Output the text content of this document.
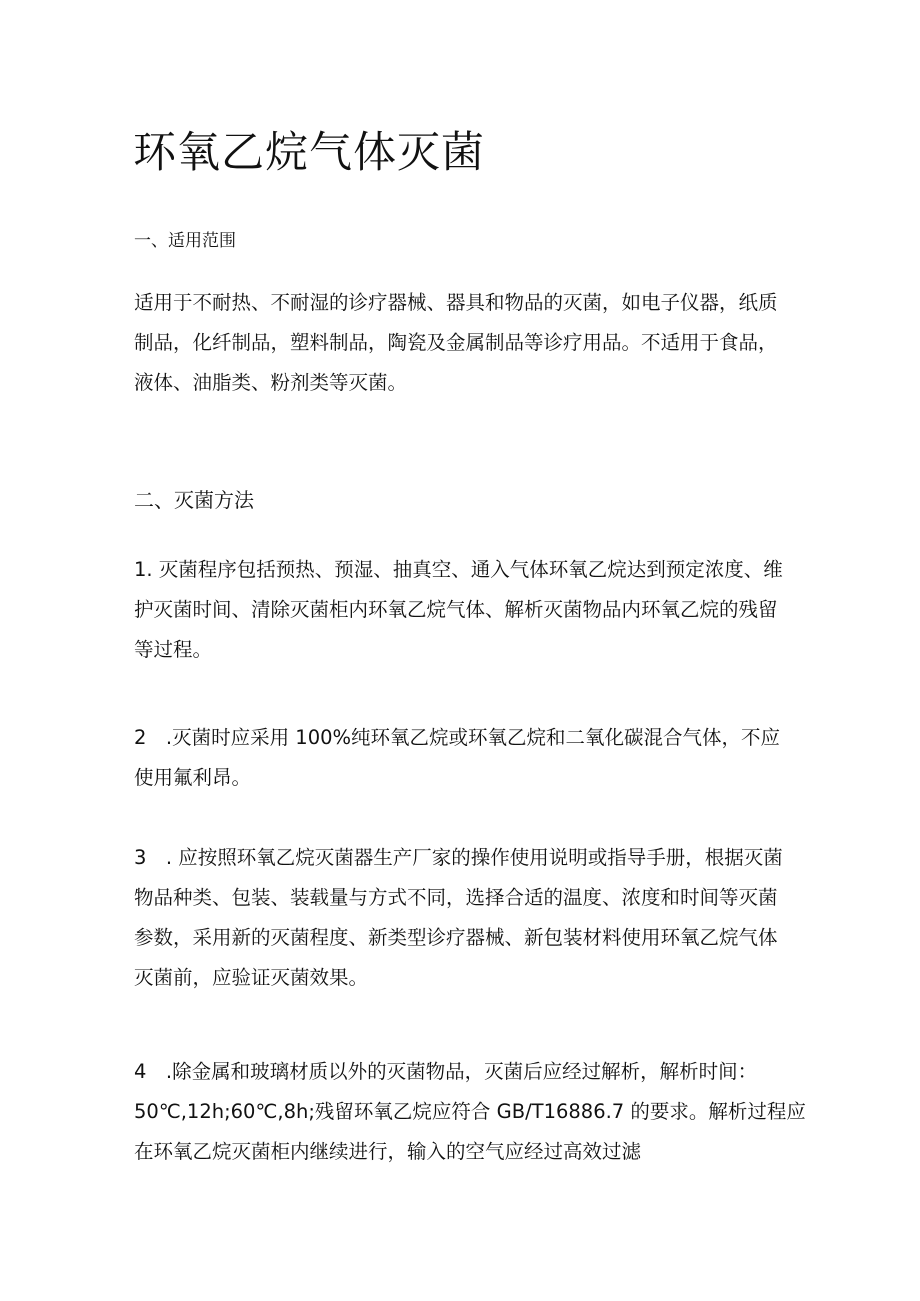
环氧乙烷气体灭菌
一、适用范围

适用于不耐热、不耐湿的诊疗器械、器具和物品的灭菌，如电子仪器，纸质
制品，化纤制品，塑料制品，陶瓷及金属制品等诊疗用品。不适用于食品，
液体、油脂类、粉剂类等灭菌。

二、灭菌方法

1. 灭菌程序包括预热、预湿、抽真空、通入气体环氧乙烷达到预定浓度、维
护灭菌时间、清除灭菌柜内环氧乙烷气体、解析灭菌物品内环氧乙烷的残留
等过程。

2　.灭菌时应采用 100%纯环氧乙烷或环氧乙烷和二氧化碳混合气体，不应
使用氟利昂。

3　. 应按照环氧乙烷灭菌器生产厂家的操作使用说明或指导手册，根据灭菌
物品种类、包装、装载量与方式不同，选择合适的温度、浓度和时间等灭菌
参数，采用新的灭菌程度、新类型诊疗器械、新包装材料使用环氧乙烷气体
灭菌前，应验证灭菌效果。

4　.除金属和玻璃材质以外的灭菌物品，灭菌后应经过解析，解析时间：
50℃,12h;60℃,8h;残留环氧乙烷应符合 GB/T16886.7 的要求。解析过程应
在环氧乙烷灭菌柜内继续进行，输入的空气应经过高效过滤
